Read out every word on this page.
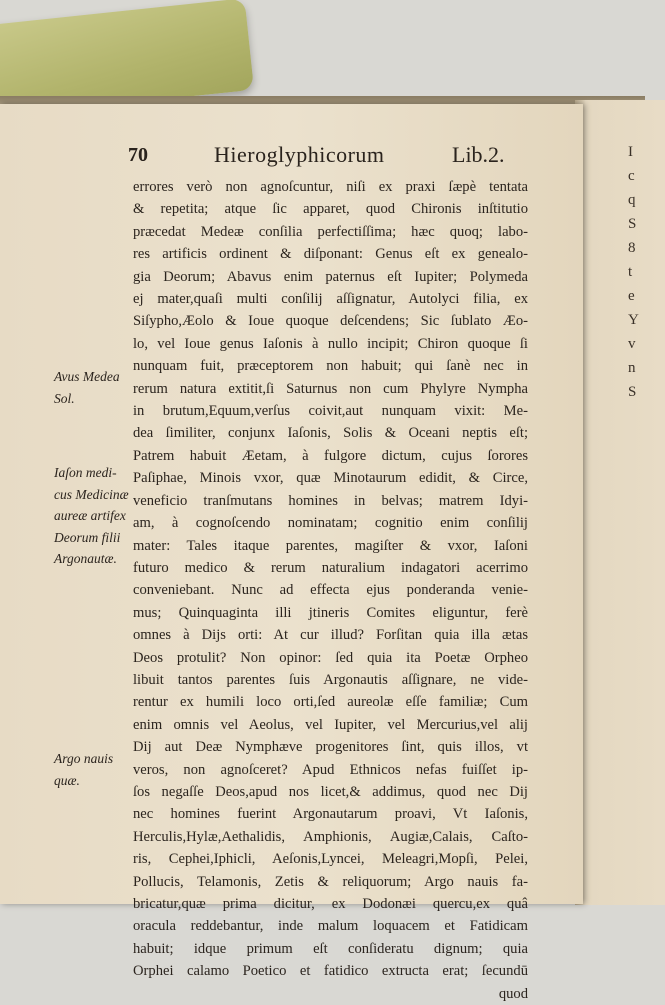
I
c
q
S
8
t
e
Y
v
n
S
70	Hieroglyphicorum	Lib.2.
errores verò non agnoſcuntur, niſi ex praxi ſæpè tentata
& repetita; atque ſic apparet, quod Chironis inſtitutio
præcedat Medeæ conſilia perfectiſſima; hæc quoq; labo-
res artificis ordinent & diſponant: Genus eſt ex genealo-
gia Deorum; Abavus enim paternus eſt Iupiter; Polymeda
ej mater,quaſi multi conſilij aſſignatur, Autolyci filia, ex
Siſypho,Æolo & Ioue quoque deſcendens; Sic ſublato Æo-
lo, vel Ioue genus Iaſonis à nullo incipit; Chiron quoque ſi
nunquam fuit, præceptorem non habuit; qui ſanè nec in
rerum natura extitit,ſi Saturnus non cum Phylyre Nympha
in brutum,Equum,verſus coivit,aut nunquam vixit: Me-
dea ſimiliter, conjunx Iaſonis, Solis & Oceani neptis eſt;
Patrem habuit Æetam, à fulgore dictum, cujus ſorores
Paſiphae, Minois vxor, quæ Minotaurum edidit, & Circe,
veneficio tranſmutans homines in belvas; matrem Idyi-
am, à cognoſcendo nominatam; cognitio enim conſilij
mater: Tales itaque parentes, magiſter & vxor, Iaſoni
futuro medico & rerum naturalium indagatori acerrimo
conveniebant. Nunc ad effecta ejus ponderanda venie-
mus; Quinquaginta illi jtineris Comites eliguntur, ferè
omnes à Dijs orti: At cur illud? Forſitan quia illa ætas
Deos protulit? Non opinor: ſed quia ita Poetæ Orpheo
libuit tantos parentes ſuis Argonautis aſſignare, ne vide-
rentur ex humili loco orti,ſed aureolæ eſſe familiæ; Cum
enim omnis vel Aeolus, vel Iupiter, vel Mercurius,vel alij
Dij aut Deæ Nymphæve progenitores ſint, quis illos, vt
veros, non agnoſceret? Apud Ethnicos nefas fuiſſet ip-
ſos negaſſe Deos,apud nos licet,& addimus, quod nec Dij
nec homines fuerint Argonautarum proavi, Vt Iaſonis,
Herculis,Hylæ,Aethalidis, Amphionis, Augiæ,Calais, Caſto-
ris, Cephei,Iphicli, Aeſonis,Lyncei, Meleagri,Mopſi, Pelei,
Pollucis, Telamonis, Zetis & reliquorum; Argo nauis fa-
bricatur,quæ prima dicitur, ex Dodonæi quercu,ex quâ
oracula reddebantur, inde malum loquacem et Fatidicam
habuit; idque primum eſt conſideratu dignum; quia
Orphei calamo Poetico et fatidico extructa erat; ſecundū
quod
Avus Medea
Sol.
Iaſon medi-
cus Medicinæ
aureæ artifex
Deorum filii
Argonautæ.
Argo nauis
quæ.
